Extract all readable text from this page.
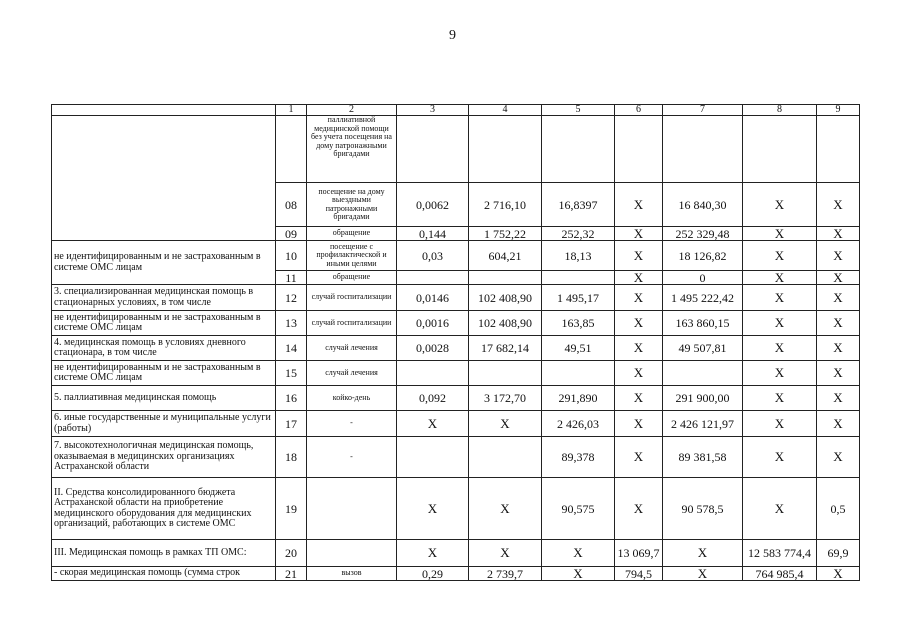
9
	1	2	3	4	5	6	7	8	9
		паллиативной медицинской помощи без учета посещения на дому патронажными бригадами							
	08	посещение на дому выездными патронажными бригадами	0,0062	2 716,10	16,8397	X	16 840,30	X	X
	09	обращение	0,144	1 752,22	252,32	X	252 329,48	X	X
не идентифицированным и не застрахованным в системе ОМС лицам	10	посещение с профилактической и иными целями	0,03	604,21	18,13	X	18 126,82	X	X
	11	обращение				X	0	X	X
3. специализированная медицинская помощь в стационарных условиях, в том числе	12	случай госпитализации	0,0146	102 408,90	1 495,17	X	1 495 222,42	X	X
не идентифицированным и не застрахованным в системе ОМС лицам	13	случай госпитализации	0,0016	102 408,90	163,85	X	163 860,15	X	X
4. медицинская помощь в условиях дневного стационара, в том числе	14	случай лечения	0,0028	17 682,14	49,51	X	49 507,81	X	X
не идентифицированным и не застрахованным в системе ОМС лицам	15	случай лечения				X		X	X
5. паллиативная медицинская помощь	16	койко-день	0,092	3 172,70	291,890	X	291 900,00	X	X
6. иные государственные и муниципальные услуги (работы)	17	-	X	X	2 426,03	X	2 426 121,97	X	X
7. высокотехнологичная медицинская помощь, оказываемая в медицинских организациях Астраханской области	18	-			89,378	X	89 381,58	X	X
II. Средства консолидированного бюджета Астраханской области на приобретение медицинского оборудования для медицинских организаций, работающих в системе ОМС	19		X	X	90,575	X	90 578,5	X	0,5
III. Медицинская помощь в рамках ТП ОМС:	20		X	X	X	13 069,7	X	12 583 774,4	69,9
- скорая медицинская помощь (сумма строк	21	вызов	0,29	2 739,7	X	794,5	X	764 985,4	X
